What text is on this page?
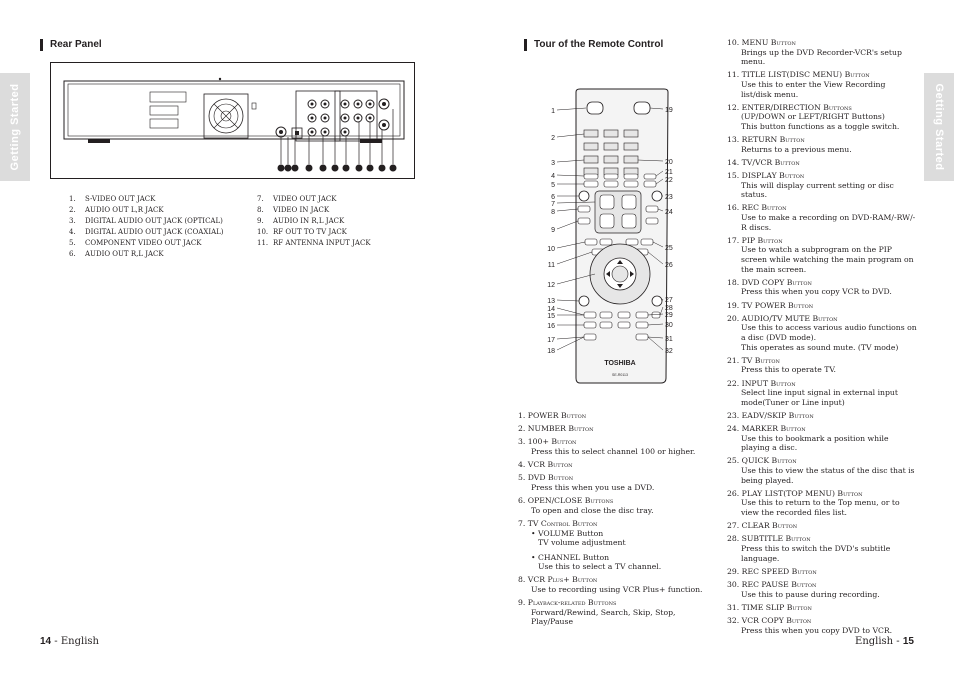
Getting Started	Getting Started
Rear Panel
1. S-VIDEO OUT JACK
2. AUDIO OUT L,R JACK
3. DIGITAL AUDIO OUT JACK (OPTICAL)
4. DIGITAL AUDIO OUT JACK (COAXIAL)
5. COMPONENT VIDEO OUT JACK
6. AUDIO OUT R,L JACK
7. VIDEO OUT JACK
8. VIDEO IN JACK
9. AUDIO IN R,L JACK
10. RF OUT TO TV JACK
11. RF ANTENNA INPUT JACK
Tour of the Remote Control
TOSHIBA
SE-R0113
1
2
3
4
5
6
7
8
9
10
11
12
13
14
15
16
17
18
19
20
21
22
23
24
25
26
27
28
29
30
31
32
1. POWER Button
2. NUMBER Button
3. 100+ Button
Press this to select channel 100 or higher.
4. VCR Button
5. DVD Button
Press this when you use a DVD.
6. OPEN/CLOSE Buttons
To open and close the disc tray.
7. TV Control Button
• VOLUME Button
TV volume adjustment
• CHANNEL Button
Use this to select a TV channel.
8. VCR Plus+ Button
Use to recording using VCR Plus+ function.
9. Playback-related Buttons
Forward/Rewind, Search, Skip, Stop, Play/Pause
10. MENU Button
Brings up the DVD Recorder-VCR's setup menu.
11. TITLE LIST(DISC MENU) Button
Use this to enter the View Recording list/disk menu.
12. ENTER/DIRECTION Buttons
(UP/DOWN or LEFT/RIGHT Buttons)
This button functions as a toggle switch.
13. RETURN Button
Returns to a previous menu.
14. TV/VCR Button
15. DISPLAY Button
This will display current setting or disc status.
16. REC Button
Use to make a recording on DVD-RAM/-RW/-R discs.
17. PIP Button
Use to watch a subprogram on the PIP screen while watching the main program on the main screen.
18. DVD COPY Button
Press this when you copy VCR to DVD.
19. TV POWER Button
20. AUDIO/TV MUTE Button
Use this to access various audio functions on a disc (DVD mode).
This operates as sound mute. (TV mode)
21. TV Button
Press this to operate TV.
22. INPUT Button
Select line input signal in external input mode(Tuner or Line input)
23. EADV/SKIP Button
24. MARKER Button
Use this to bookmark a position while playing a disc.
25. QUICK Button
Use this to view the status of the disc that is being played.
26. PLAY LIST(TOP MENU) Button
Use this to return to the Top menu, or to view the recorded files list.
27. CLEAR Button
28. SUBTITLE Button
Press this to switch the DVD's subtitle language.
29. REC SPEED Button
30. REC PAUSE Button
Use this to pause during recording.
31. TIME SLIP Button
32. VCR COPY Button
Press this when you copy DVD to VCR.
14 - English	English - 15
